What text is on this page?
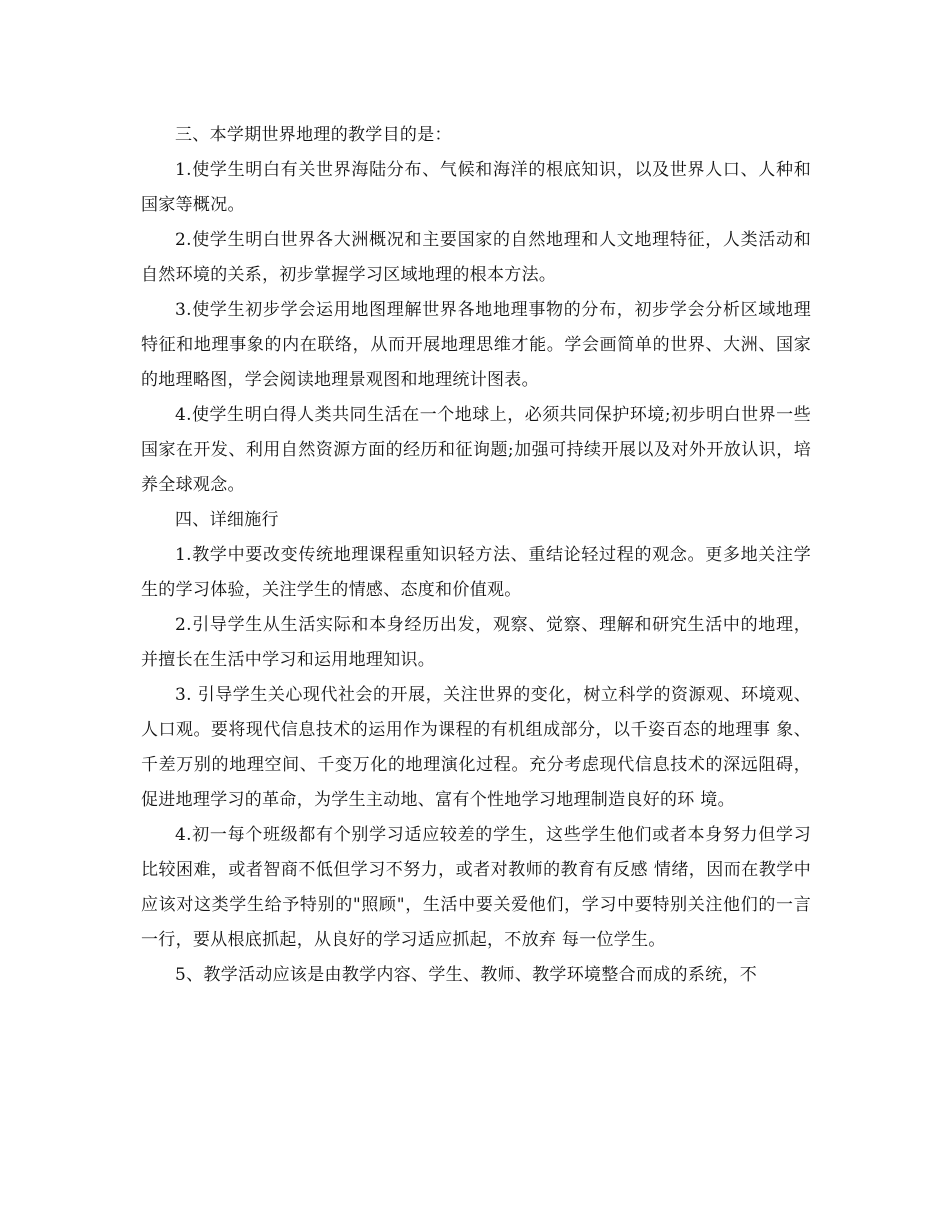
三、本学期世界地理的教学目的是：

1.使学生明白有关世界海陆分布、气候和海洋的根底知识，以及世界人口、人种和国家等概况。

2.使学生明白世界各大洲概况和主要国家的自然地理和人文地理特征，人类活动和自然环境的关系，初步掌握学习区域地理的根本方法。

3.使学生初步学会运用地图理解世界各地地理事物的分布，初步学会分析区域地理特征和地理事象的内在联络，从而开展地理思维才能。学会画简单的世界、大洲、国家的地理略图，学会阅读地理景观图和地理统计图表。

4.使学生明白得人类共同生活在一个地球上，必须共同保护环境;初步明白世界一些国家在开发、利用自然资源方面的经历和征询题;加强可持续开展以及对外开放认识，培养全球观念。

四、详细施行

1.教学中要改变传统地理课程重知识轻方法、重结论轻过程的观念。更多地关注学生的学习体验，关注学生的情感、态度和价值观。

2.引导学生从生活实际和本身经历出发，观察、觉察、理解和研究生活中的地理，并擅长在生活中学习和运用地理知识。

3. 引导学生关心现代社会的开展，关注世界的变化，树立科学的资源观、环境观、人口观。要将现代信息技术的运用作为课程的有机组成部分，以千姿百态的地理事 象、千差万别的地理空间、千变万化的地理演化过程。充分考虑现代信息技术的深远阻碍，促进地理学习的革命，为学生主动地、富有个性地学习地理制造良好的环 境。

4.初一每个班级都有个别学习适应较差的学生，这些学生他们或者本身努力但学习比较困难，或者智商不低但学习不努力，或者对教师的教育有反感 情绪，因而在教学中应该对这类学生给予特别的"照顾"，生活中要关爱他们，学习中要特别关注他们的一言一行，要从根底抓起，从良好的学习适应抓起，不放弃 每一位学生。

5、教学活动应该是由教学内容、学生、教师、教学环境整合而成的系统，不
